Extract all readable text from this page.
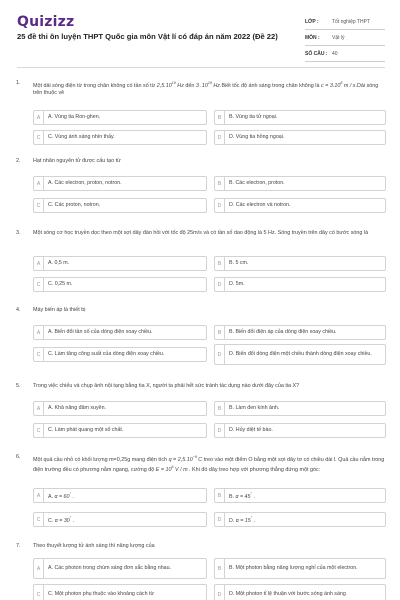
Quizizz
25 đề thi ôn luyện THPT Quốc gia môn Vật lí có đáp án năm 2022 (Đề 22)
LỚP :	Tốt nghiệp THPT
MÔN :	Vật lý
SỐ CÂU : 40
1. Một dải sóng điện từ trong chân không có tần số từ 2,5.10$^{19}$ Hz đến 3 $.10^{19}$ Hz.Biết tốc độ ánh sáng trong chân không là $c = 3.10^8$ m / s.Dải sóng trên thuộc vê
A	A. Vùng tia Ron-ghen.	B	B. Vùng tia tử ngoại.
C	C. Vùng ánh sáng nhìn thấy.	D	D. Vùng tia hồng ngoại.
2. Hạt nhân nguyên tử được cấu tạo từ
A	A. Các electron, proton, notron.	B	B. Các electron, proton.
C	C. Các proton, notron.	D	D. Các electron và notron.
3. Một sóng cơ học truyền dọc theo một sợi dây đàn hồi với tốc độ 25m/s và có tần số dao động là 5 Hz. Sóng truyền trên dây có bước sóng là
A	A. 0,5 m.	B	B. 5 cm.
C	C. 0,25 m.	D	D. 5m.
4. Máy biến áp là thiết bị
A	A. Biến đổi tần số của dòng điện xoay chiều.	B	B. Biến đổi điện áp của dòng điện xoay chiều.
C	C. Làm tăng công suất của dòng điện xoay chiều.	D	D. Biến đổi dòng điện một chiều thành dòng điện xoay chiều.
5. Trong việc chiếu và chụp ảnh nội tạng bằng tia X, người ta phải hết sức tránh tác dụng nào dưới đây của tia X?
A	A. Khả năng đâm xuyên.	B	B. Làm đen kính ảnh.
C	C. Làm phát quang một số chất.	D	D. Hủy diệt tế bào.
6. Một quả cầu nhỏ có khối lượng m=0,25g mang điện tích $q = 2,5.10^{-9}$ C treo vào một điểm O bằng một sợi dây tơ có chiều dài l. Quả cầu nằm trong điện trường đều có phương nằm ngang, cường độ $E = 10^6$ V / m . Khi đó dây treo hợp với phương thẳng đứng một góc:
A	A. α = 60° .	B	B. α = 45° .
C	C. α = 30° .	D	D. α = 15° .
7. Theo thuyết lượng tử ánh sáng thì năng lượng của
A	A. Các photon trong chùm sáng đơn sắc bằng nhau.	B	B. Một photon bằng năng lượng nghỉ của một electron.
C	C. Một photon phụ thuộc vào khoảng cách từ	D	D. Một photon tỉ lệ thuận với bước sóng ánh sáng
